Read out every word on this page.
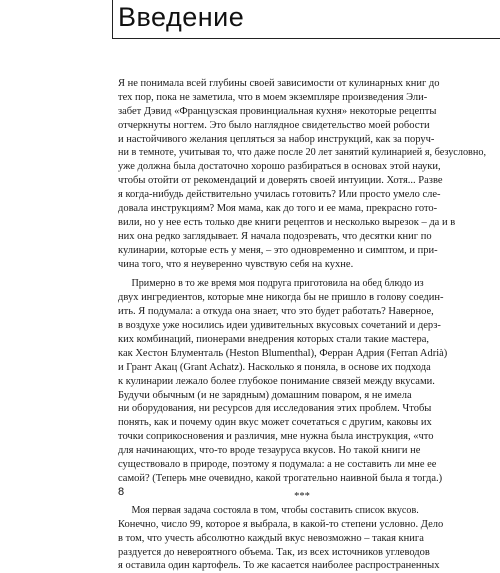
Введение
Я не понимала всей глубины своей зависимости от кулинарных книг до
тех пор, пока не заметила, что в моем экземпляре произведения Эли-
забет Дэвид «Французская провинциальная кухня» некоторые рецепты
отчеркнуты ногтем. Это было наглядное свидетельство моей робости
и настойчивого желания цепляться за набор инструкций, как за поруч-
ни в темноте, учитывая то, что даже после 20 лет занятий кулинарией я, безусловно,
уже должна была достаточно хорошо разбираться в основах этой науки,
чтобы отойти от рекомендаций и доверять своей интуиции. Хотя... Разве
я когда-нибудь действительно училась готовить? Или просто умело сле-
довала инструкциям? Моя мама, как до того и ее мама, прекрасно гото-
вили, но у нее есть только две книги рецептов и несколько вырезок – да и в
них она редко заглядывает. Я начала подозревать, что десятки книг по
кулинарии, которые есть у меня, – это одновременно и симптом, и при-
чина того, что я неуверенно чувствую себя на кухне.
Примерно в то же время моя подруга приготовила на обед блюдо из
двух ингредиентов, которые мне никогда бы не пришло в голову соедин-
ить. Я подумала: а откуда она знает, что это будет работать? Наверное,
в воздухе уже носились идеи удивительных вкусовых сочетаний и дерз-
ких комбинаций, пионерами внедрения которых стали такие мастера,
как Хестон Блументаль (Heston Blumenthal), Ферран Адрия (Ferran Adrià)
и Грант Акац (Grant Achatz). Насколько я поняла, в основе их подхода
к кулинарии лежало более глубокое понимание связей между вкусами.
Будучи обычным (и не зарядным) домашним поваром, я не имела
ни оборудования, ни ресурсов для исследования этих проблем. Чтобы
понять, как и почему один вкус может сочетаться с другим, каковы их
точки соприкосновения и различия, мне нужна была инструкция, «что
для начинающих, что-то вроде тезауруса вкусов. Но такой книги не
существовало в природе, поэтому я подумала: а не составить ли мне ее
самой? (Теперь мне очевидно, какой трогательно наивной была я тогда.)
***
Моя первая задача состояла в том, чтобы составить список вкусов.
Конечно, число 99, которое я выбрала, в какой-то степени условно. Дело
в том, что учесть абсолютно каждый вкус невозможно – такая книга
раздуется до невероятного объема. Так, из всех источников углеводов
я оставила один картофель. То же касается наиболее распространенных
8
